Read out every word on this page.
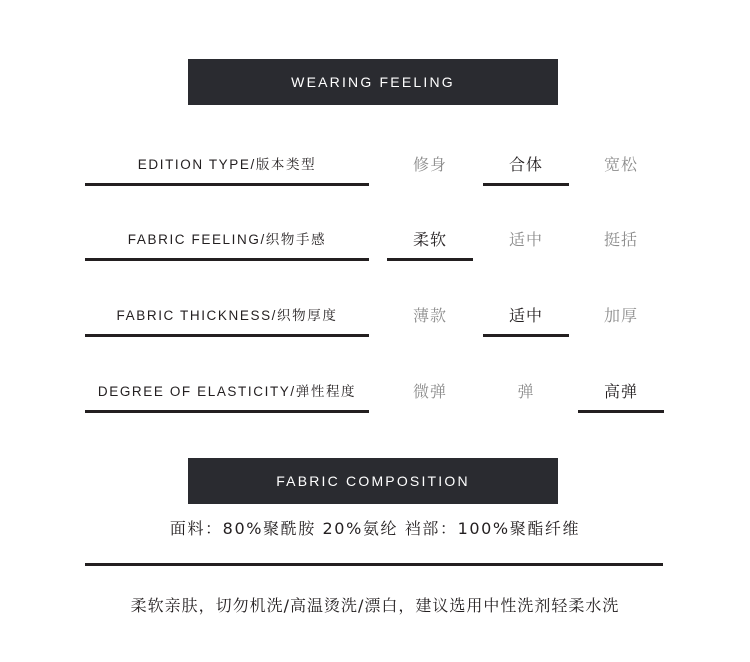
WEARING FEELING
EDITION TYPE/版本类型	修身	合体	宽松
FABRIC FEELING/织物手感	柔软	适中	挺括
FABRIC THICKNESS/织物厚度	薄款	适中	加厚
DEGREE OF ELASTICITY/弹性程度	微弹	弹	高弹
FABRIC COMPOSITION
面料：80%聚酰胺 20%氨纶 裆部：100%聚酯纤维
柔软亲肤，切勿机洗/高温烫洗/漂白，建议选用中性洗剂轻柔水洗
